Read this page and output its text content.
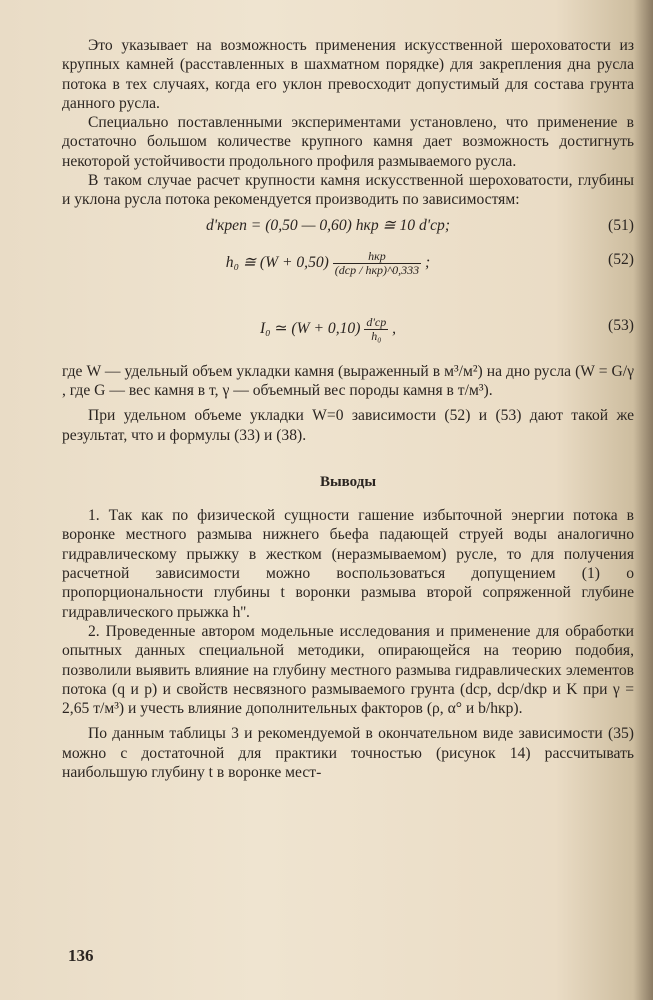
Это указывает на возможность применения искусственной шероховатости из крупных камней (расставленных в шахматном порядке) для закрепления дна русла потока в тех случаях, когда его уклон превосходит допустимый для состава грунта данного русла.

Специально поставленными экспериментами установлено, что применение в достаточно большом количестве крупного камня дает возможность достигнуть некоторой устойчивости продольного профиля размываемого русла.

В таком случае расчет крупности камня искусственной шероховатости, глубины и уклона русла потока рекомендуется производить по зависимостям:

d'крeп = (0,50 — 0,60) hкр ≅ 10 d'ср;	(51)
h₀ ≅ $(W + 0,50) \frac{\text{hкр}}{\text{(dср / hкр)\textasciicircum{}0,333}}$ ;	(52)
I₀ ≃ $(W + 0,10) \frac{d'ср}{\text{h₀}}$ ,	(53)

где W — удельный объем укладки камня (выраженный в м³/м²) на дно русла (W = G/γ , где G — вес камня в т, γ — объемный вес породы камня в т/м³).

При удельном объеме укладки W=0 зависимости (52) и (53) дают такой же результат, что и формулы (33) и (38).

Выводы

1. Так как по физической сущности гашение избыточной энергии потока в воронке местного размыва нижнего бьефа падающей струей воды аналогично гидравлическому прыжку в жестком (неразмываемом) русле, то для получения расчетной зависимости можно воспользоваться допущением (1) о пропорциональности глубины t воронки размыва второй сопряженной глубине гидравлического прыжка h''.

2. Проведенные автором модельные исследования и применение для обработки опытных данных специальной методики, опирающейся на теорию подобия, позволили выявить влияние на глубину местного размыва гидравлических элементов потока (q и p) и свойств несвязного размываемого грунта (dср, dср/dкр и K при γ = 2,65 т/м³) и учесть влияние дополнительных факторов (ρ, α° и b/hкр).

По данным таблицы 3 и рекомендуемой в окончательном виде зависимости (35) можно с достаточной для практики точностью (рисунок 14) рассчитывать наибольшую глубину t в воронке мест-

136
